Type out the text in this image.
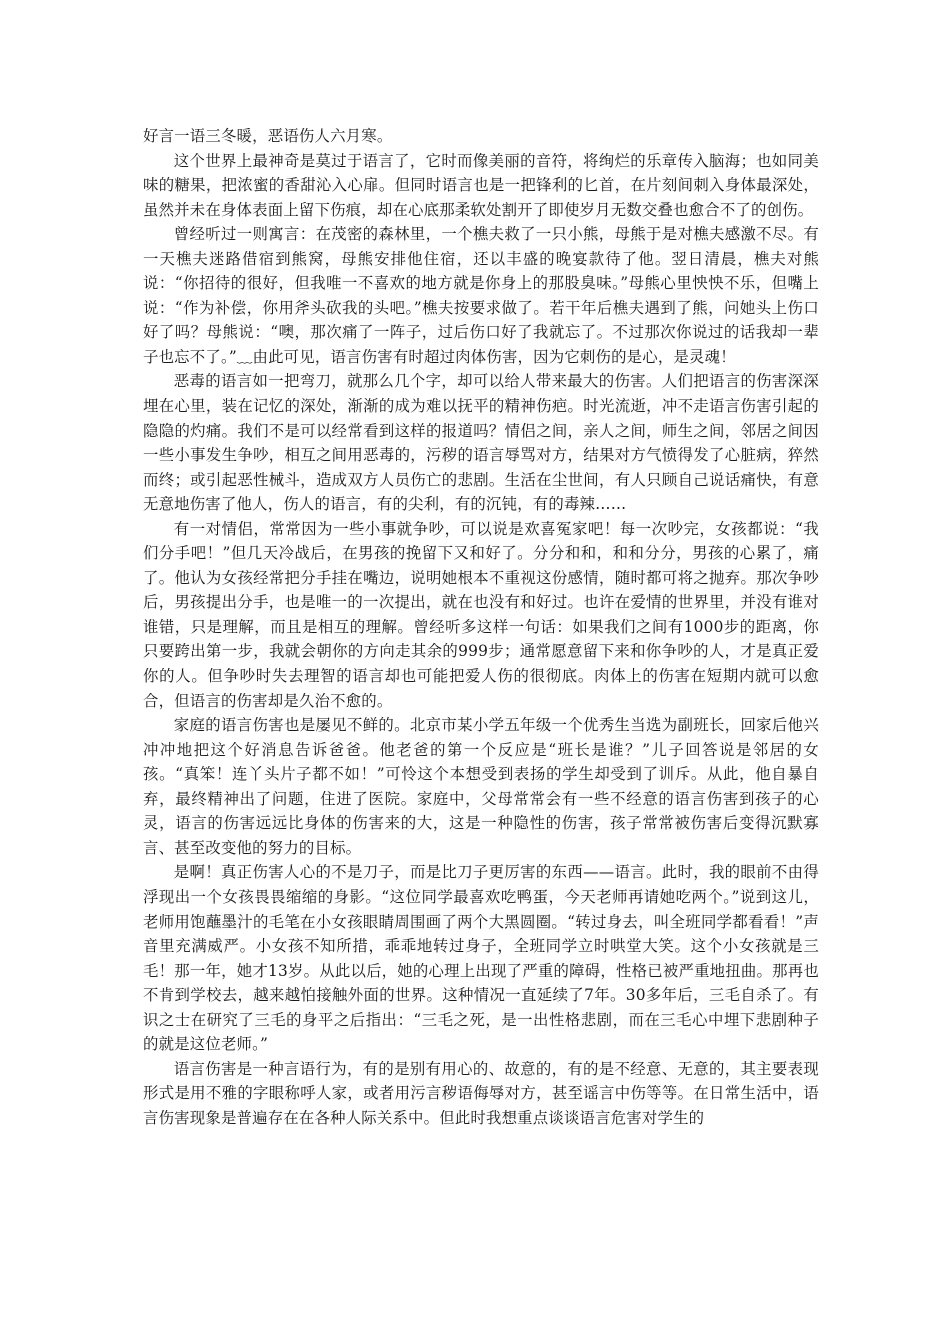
好言一语三冬暖，恶语伤人六月寒。

这个世界上最神奇是莫过于语言了，它时而像美丽的音符，将绚烂的乐章传入脑海；也如同美味的糖果，把浓蜜的香甜沁入心扉。但同时语言也是一把锋利的匕首，在片刻间刺入身体最深处，虽然并未在身体表面上留下伤痕，却在心底那柔软处割开了即使岁月无数交叠也愈合不了的创伤。

曾经听过一则寓言：在茂密的森林里，一个樵夫救了一只小熊，母熊于是对樵夫感激不尽。有一天樵夫迷路借宿到熊窝，母熊安排他住宿，还以丰盛的晚宴款待了他。翌日清晨，樵夫对熊说：“你招待的很好，但我唯一不喜欢的地方就是你身上的那股臭味。”母熊心里怏怏不乐，但嘴上说：“作为补偿，你用斧头砍我的头吧。”樵夫按要求做了。若干年后樵夫遇到了熊，问她头上伤口好了吗？母熊说：“噢，那次痛了一阵子，过后伤口好了我就忘了。不过那次你说过的话我却一辈子也忘不了。”﹏由此可见，语言伤害有时超过肉体伤害，因为它刺伤的是心，是灵魂！

恶毒的语言如一把弯刀，就那么几个字，却可以给人带来最大的伤害。人们把语言的伤害深深埋在心里，装在记忆的深处，渐渐的成为难以抚平的精神伤疤。时光流逝，冲不走语言伤害引起的隐隐的灼痛。我们不是可以经常看到这样的报道吗？情侣之间，亲人之间，师生之间，邻居之间因一些小事发生争吵，相互之间用恶毒的，污秽的语言辱骂对方，结果对方气愤得发了心脏病，猝然而终；或引起恶性械斗，造成双方人员伤亡的悲剧。生活在尘世间，有人只顾自己说话痛快，有意无意地伤害了他人，伤人的语言，有的尖利，有的沉钝，有的毒辣……

有一对情侣，常常因为一些小事就争吵，可以说是欢喜冤家吧！每一次吵完，女孩都说：“我们分手吧！”但几天冷战后，在男孩的挽留下又和好了。分分和和，和和分分，男孩的心累了，痛了。他认为女孩经常把分手挂在嘴边，说明她根本不重视这份感情，随时都可将之抛弃。那次争吵后，男孩提出分手，也是唯一的一次提出，就在也没有和好过。也许在爱情的世界里，并没有谁对谁错，只是理解，而且是相互的理解。曾经听多这样一句话：如果我们之间有1000步的距离，你只要跨出第一步，我就会朝你的方向走其余的999步；通常愿意留下来和你争吵的人，才是真正爱你的人。但争吵时失去理智的语言却也可能把爱人伤的很彻底。肉体上的伤害在短期内就可以愈合，但语言的伤害却是久治不愈的。

家庭的语言伤害也是屡见不鲜的。北京市某小学五年级一个优秀生当选为副班长，回家后他兴冲冲地把这个好消息告诉爸爸。他老爸的第一个反应是“班长是谁？”儿子回答说是邻居的女孩。“真笨！连丫头片子都不如！”可怜这个本想受到表扬的学生却受到了训斥。从此，他自暴自弃，最终精神出了问题，住进了医院。家庭中，父母常常会有一些不经意的语言伤害到孩子的心灵，语言的伤害远远比身体的伤害来的大，这是一种隐性的伤害，孩子常常被伤害后变得沉默寡言、甚至改变他的努力的目标。

是啊！真正伤害人心的不是刀子，而是比刀子更厉害的东西——语言。此时，我的眼前不由得浮现出一个女孩畏畏缩缩的身影。“这位同学最喜欢吃鸭蛋，今天老师再请她吃两个。”说到这儿，老师用饱蘸墨汁的毛笔在小女孩眼睛周围画了两个大黑圆圈。“转过身去，叫全班同学都看看！”声音里充满威严。小女孩不知所措，乖乖地转过身子，全班同学立时哄堂大笑。这个小女孩就是三毛！那一年，她才13岁。从此以后，她的心理上出现了严重的障碍，性格已被严重地扭曲。那再也不肯到学校去，越来越怕接触外面的世界。这种情况一直延续了7年。30多年后，三毛自杀了。有识之士在研究了三毛的身平之后指出：“三毛之死，是一出性格悲剧，而在三毛心中埋下悲剧种子的就是这位老师。”

语言伤害是一种言语行为，有的是别有用心的、故意的，有的是不经意、无意的，其主要表现形式是用不雅的字眼称呼人家，或者用污言秽语侮辱对方，甚至谣言中伤等等。在日常生活中，语言伤害现象是普遍存在在各种人际关系中。但此时我想重点谈谈语言危害对学生的
